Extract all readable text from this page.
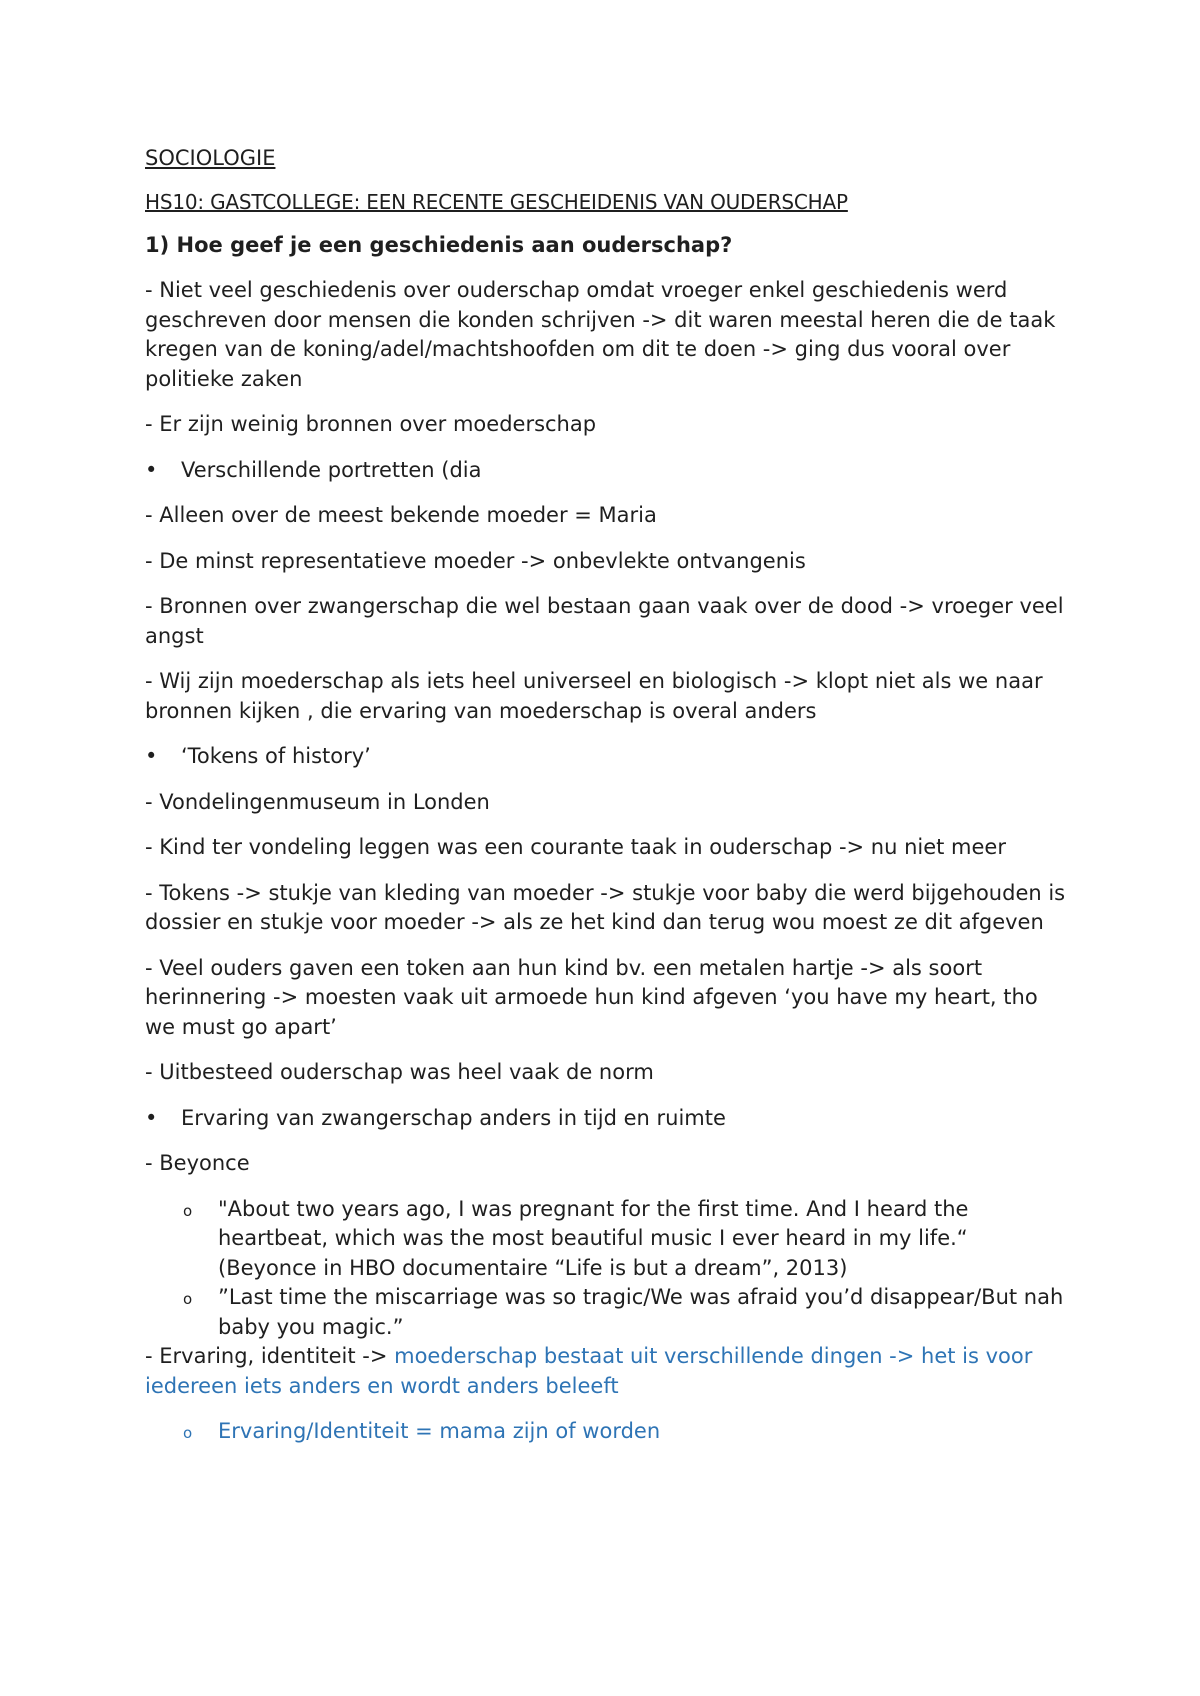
SOCIOLOGIE
HS10: GASTCOLLEGE: EEN RECENTE GESCHEIDENIS VAN OUDERSCHAP
1) Hoe geef je een geschiedenis aan ouderschap?
- Niet veel geschiedenis over ouderschap omdat vroeger enkel geschiedenis werd geschreven door mensen die konden schrijven -> dit waren meestal heren die de taak kregen van de koning/adel/machtshoofden om dit te doen -> ging dus vooral over politieke zaken
- Er zijn weinig bronnen over moederschap
•	Verschillende portretten (dia
- Alleen over de meest bekende moeder = Maria
- De minst representatieve moeder -> onbevlekte ontvangenis
- Bronnen over zwangerschap die wel bestaan gaan vaak over de dood -> vroeger veel angst
- Wij zijn moederschap als iets heel universeel en biologisch -> klopt niet als we naar bronnen kijken , die ervaring van moederschap is overal anders
•	‘Tokens of history’
- Vondelingenmuseum in Londen
- Kind ter vondeling leggen was een courante taak in ouderschap -> nu niet meer
- Tokens -> stukje van kleding van moeder -> stukje voor baby die werd bijgehouden is dossier en stukje voor moeder -> als ze het kind dan terug wou moest ze dit afgeven
- Veel ouders gaven een token aan hun kind bv. een metalen hartje -> als soort herinnering -> moesten vaak uit armoede hun kind afgeven ‘you have my heart, tho we must go apart’
- Uitbesteed ouderschap was heel vaak de norm
•	Ervaring van zwangerschap anders in tijd en ruimte
- Beyonce
o	"About two years ago, I was pregnant for the first time. And I heard the heartbeat, which was the most beautiful music I ever heard in my life.“ (Beyonce in HBO documentaire “Life is but a dream”, 2013)
o	”Last time the miscarriage was so tragic/We was afraid you’d disappear/But nah baby you magic.”
- Ervaring, identiteit -> moederschap bestaat uit verschillende dingen -> het is voor iedereen iets anders en wordt anders beleeft
o	Ervaring/Identiteit = mama zijn of worden
